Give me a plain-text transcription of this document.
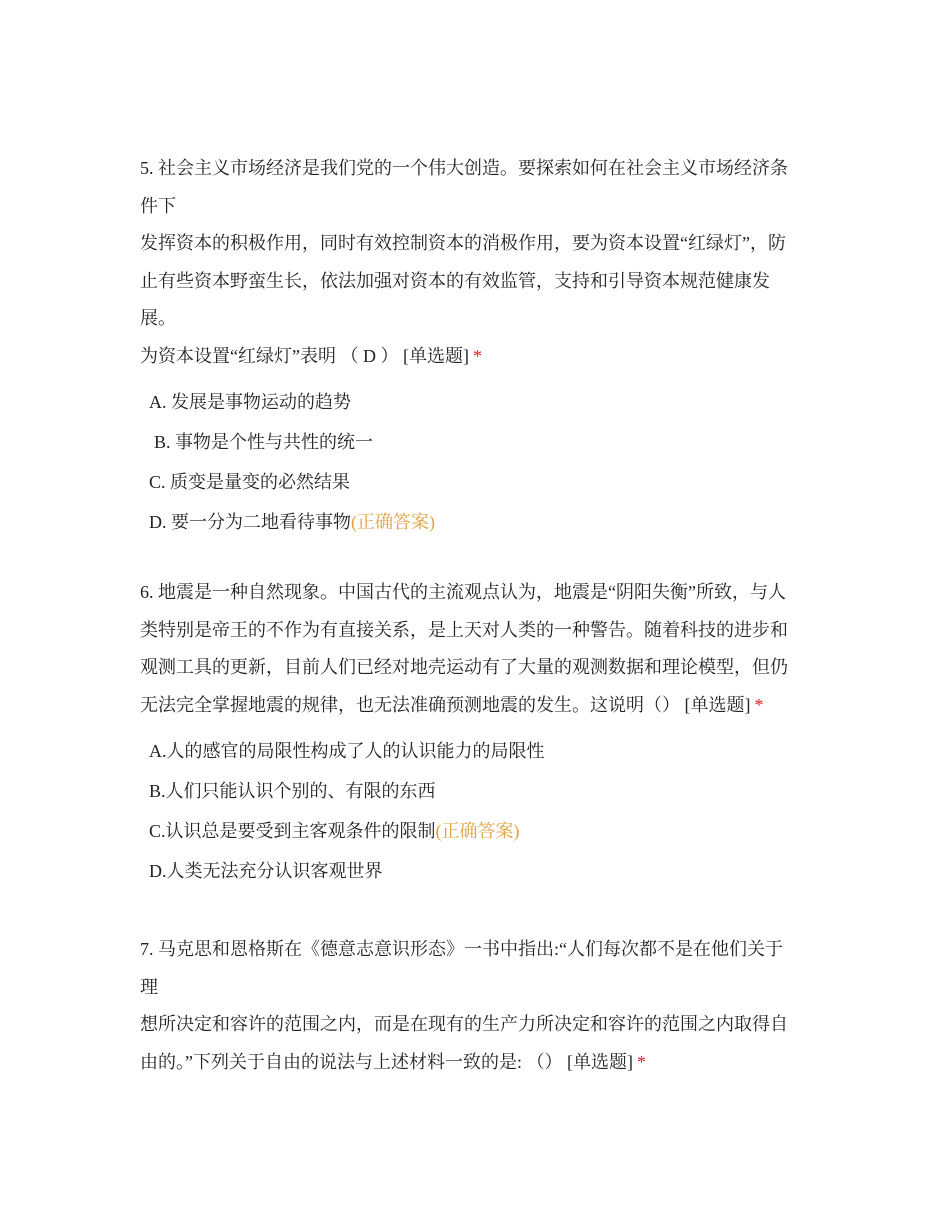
5. 社会主义市场经济是我们党的一个伟大创造。要探索如何在社会主义市场经济条
件下
发挥资本的积极作用，同时有效控制资本的消极作用，要为资本设置“红绿灯”，防
止有些资本野蛮生长，依法加强对资本的有效监管，支持和引导资本规范健康发
展。
为资本设置“红绿灯”表明 （ D ） [单选题] *
A. 发展是事物运动的趋势
B. 事物是个性与共性的统一
C. 质变是量变的必然结果
D. 要一分为二地看待事物(正确答案)
6. 地震是一种自然现象。中国古代的主流观点认为，地震是“阴阳失衡”所致，与人
类特别是帝王的不作为有直接关系，是上天对人类的一种警告。随着科技的进步和
观测工具的更新，目前人们已经对地壳运动有了大量的观测数据和理论模型，但仍
无法完全掌握地震的规律，也无法准确预测地震的发生。这说明（） [单选题] *
A.人的感官的局限性构成了人的认识能力的局限性
B.人们只能认识个别的、有限的东西
C.认识总是要受到主客观条件的限制(正确答案)
D.人类无法充分认识客观世界
7. 马克思和恩格斯在《德意志意识形态》一书中指出:“人们每次都不是在他们关于
理
想所决定和容许的范围之内，而是在现有的生产力所决定和容许的范围之内取得自
由的。”下列关于自由的说法与上述材料一致的是: （） [单选题] *
